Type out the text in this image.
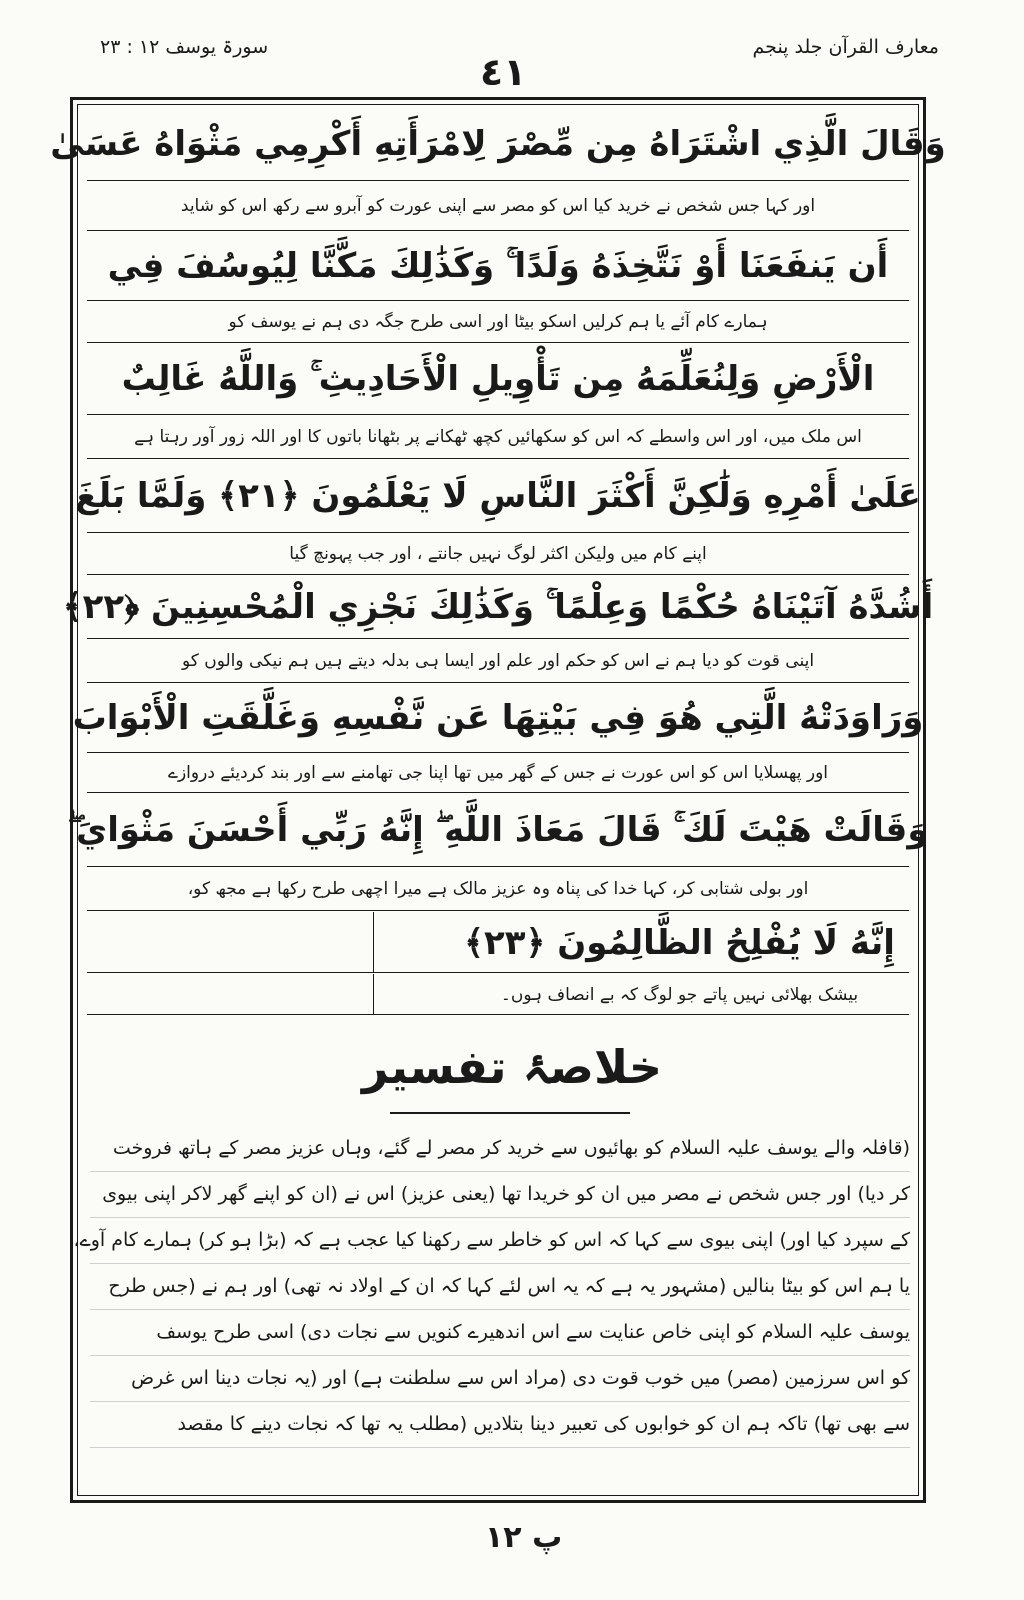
معارف القرآن جلد پنجم
٤١
سورۃ یوسف ۱۲ : ۲۳
وَقَالَ الَّذِي اشْتَرَاهُ مِن مِّصْرَ لِامْرَأَتِهِ أَكْرِمِي مَثْوَاهُ عَسَىٰ
اور کہا جس شخص نے خرید کیا اس کو مصر سے اپنی عورت کو آبرو سے رکھ اس کو شاید
أَن يَنفَعَنَا أَوْ نَتَّخِذَهُ وَلَدًا ۚ وَكَذَٰلِكَ مَكَّنَّا لِيُوسُفَ فِي
ہمارے کام آئے یا ہم کرلیں اسکو بیٹا اور اسی طرح جگہ دی ہم نے یوسف کو
الْأَرْضِ وَلِنُعَلِّمَهُ مِن تَأْوِيلِ الْأَحَادِيثِ ۚ وَاللَّهُ غَالِبٌ
اس ملک میں، اور اس واسطے کہ اس کو سکھائیں کچھ ٹھکانے پر بٹھانا باتوں کا اور اللہ زور آور رہتا ہے
عَلَىٰ أَمْرِهِ وَلَٰكِنَّ أَكْثَرَ النَّاسِ لَا يَعْلَمُونَ ﴿٢١﴾ وَلَمَّا بَلَغَ
اپنے کام میں ولیکن اکثر لوگ نہیں جانتے ، اور جب پہونچ گیا
أَشُدَّهُ آتَيْنَاهُ حُكْمًا وَعِلْمًا ۚ وَكَذَٰلِكَ نَجْزِي الْمُحْسِنِينَ ﴿٢٢﴾
اپنی قوت کو دیا ہم نے اس کو حکم اور علم اور ایسا ہی بدلہ دیتے ہیں ہم نیکی والوں کو
وَرَاوَدَتْهُ الَّتِي هُوَ فِي بَيْتِهَا عَن نَّفْسِهِ وَغَلَّقَتِ الْأَبْوَابَ
اور پھسلایا اس کو اس عورت نے جس کے گھر میں تھا اپنا جی تھامنے سے اور بند کردیئے دروازے
وَقَالَتْ هَيْتَ لَكَ ۚ قَالَ مَعَاذَ اللَّهِ ۖ إِنَّهُ رَبِّي أَحْسَنَ مَثْوَايَ ۖ
اور بولی شتابی کر، کہا خدا کی پناہ وہ عزیز مالک ہے میرا اچھی طرح رکھا ہے مجھ کو،
إِنَّهُ لَا يُفْلِحُ الظَّالِمُونَ ﴿٢٣﴾
بیشک بھلائی نہیں پاتے جو لوگ کہ بے انصاف ہوں۔
خلاصۂ تفسیر
(قافلہ والے یوسف علیہ السلام کو بھائیوں سے خرید کر مصر لے گئے، وہاں عزیز مصر کے ہاتھ فروخت
کر دیا) اور جس شخص نے مصر میں ان کو خریدا تھا (یعنی عزیز) اس نے (ان کو اپنے گھر لاکر اپنی بیوی
کے سپرد کیا اور) اپنی بیوی سے کہا کہ اس کو خاطر سے رکھنا کیا عجب ہے کہ (بڑا ہو کر) ہمارے کام آوے،
یا ہم اس کو بیٹا بنالیں (مشہور یہ ہے کہ یہ اس لئے کہا کہ ان کے اولاد نہ تھی) اور ہم نے (جس طرح
یوسف علیہ السلام کو اپنی خاص عنایت سے اس اندھیرے کنویں سے نجات دی) اسی طرح یوسف
کو اس سرزمین (مصر) میں خوب قوت دی (مراد اس سے سلطنت ہے) اور (یہ نجات دینا اس غرض
سے بھی تھا) تاکہ ہم ان کو خوابوں کی تعبیر دینا بتلادیں (مطلب یہ تھا کہ نجات دینے کا مقصد
پ ۱۲
